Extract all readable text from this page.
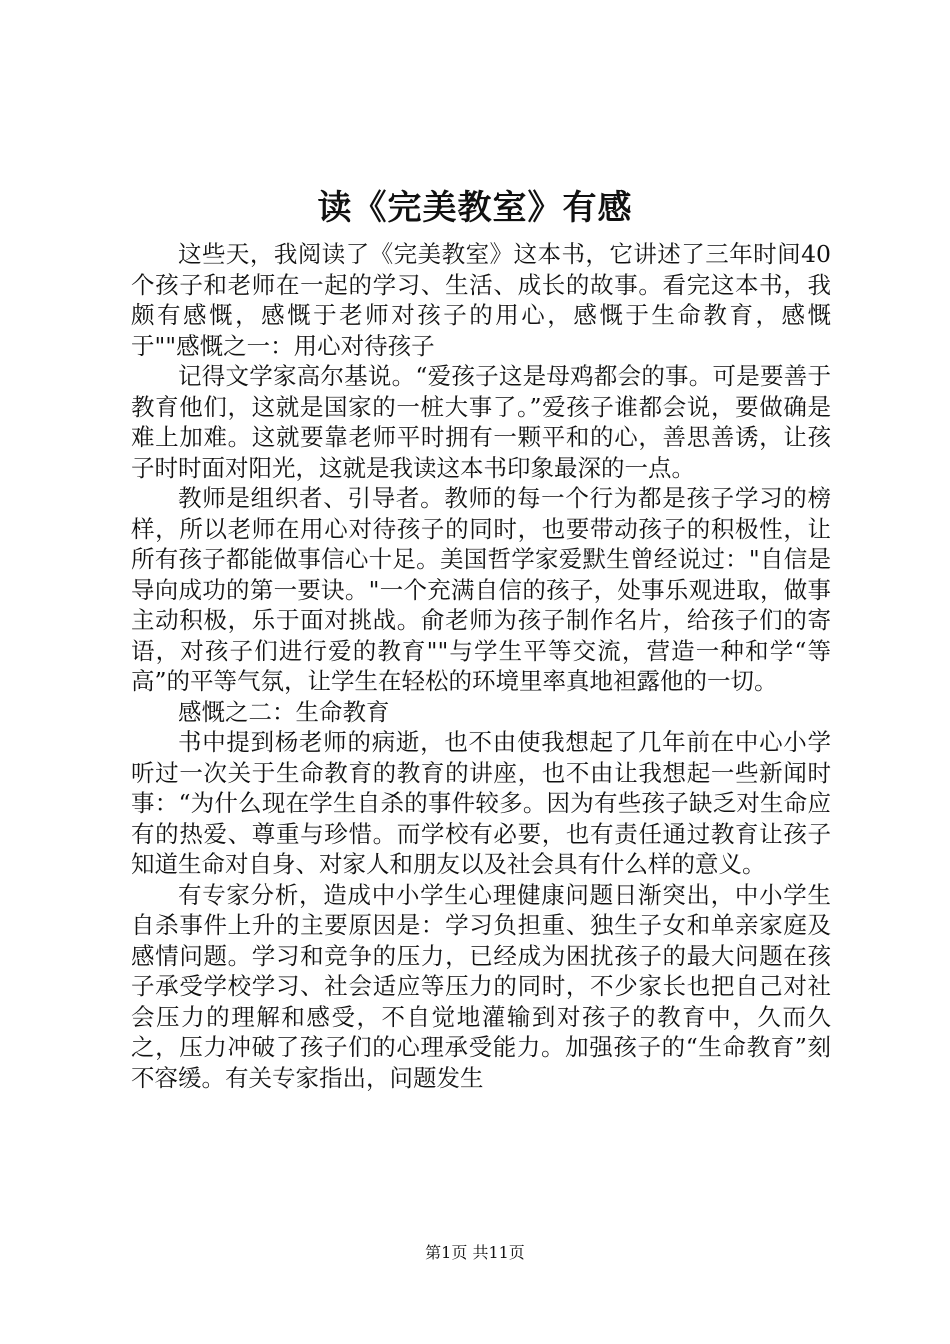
读《完美教室》有感

这些天，我阅读了《完美教室》这本书，它讲述了三年时间40个孩子和老师在一起的学习、生活、成长的故事。看完这本书，我颇有感慨，感慨于老师对孩子的用心，感慨于生命教育，感慨于""感慨之一：用心对待孩子

记得文学家高尔基说。“爱孩子这是母鸡都会的事。可是要善于教育他们，这就是国家的一桩大事了。”爱孩子谁都会说，要做确是难上加难。这就要靠老师平时拥有一颗平和的心，善思善诱，让孩子时时面对阳光，这就是我读这本书印象最深的一点。

教师是组织者、引导者。教师的每一个行为都是孩子学习的榜样，所以老师在用心对待孩子的同时，也要带动孩子的积极性，让所有孩子都能做事信心十足。美国哲学家爱默生曾经说过："自信是导向成功的第一要诀。"一个充满自信的孩子，处事乐观进取，做事主动积极，乐于面对挑战。俞老师为孩子制作名片，给孩子们的寄语，对孩子们进行爱的教育""与学生平等交流，营造一种和学“等高”的平等气氛，让学生在轻松的环境里率真地袒露他的一切。

感慨之二：生命教育

书中提到杨老师的病逝，也不由使我想起了几年前在中心小学听过一次关于生命教育的教育的讲座，也不由让我想起一些新闻时事：“为什么现在学生自杀的事件较多。因为有些孩子缺乏对生命应有的热爱、尊重与珍惜。而学校有必要，也有责任通过教育让孩子知道生命对自身、对家人和朋友以及社会具有什么样的意义。

有专家分析，造成中小学生心理健康问题日渐突出，中小学生自杀事件上升的主要原因是：学习负担重、独生子女和单亲家庭及感情问题。学习和竞争的压力，已经成为困扰孩子的最大问题在孩子承受学校学习、社会适应等压力的同时，不少家长也把自己对社会压力的理解和感受，不自觉地灌输到对孩子的教育中，久而久之，压力冲破了孩子们的心理承受能力。加强孩子的“生命教育”刻不容缓。有关专家指出，问题发生

第1页 共11页
